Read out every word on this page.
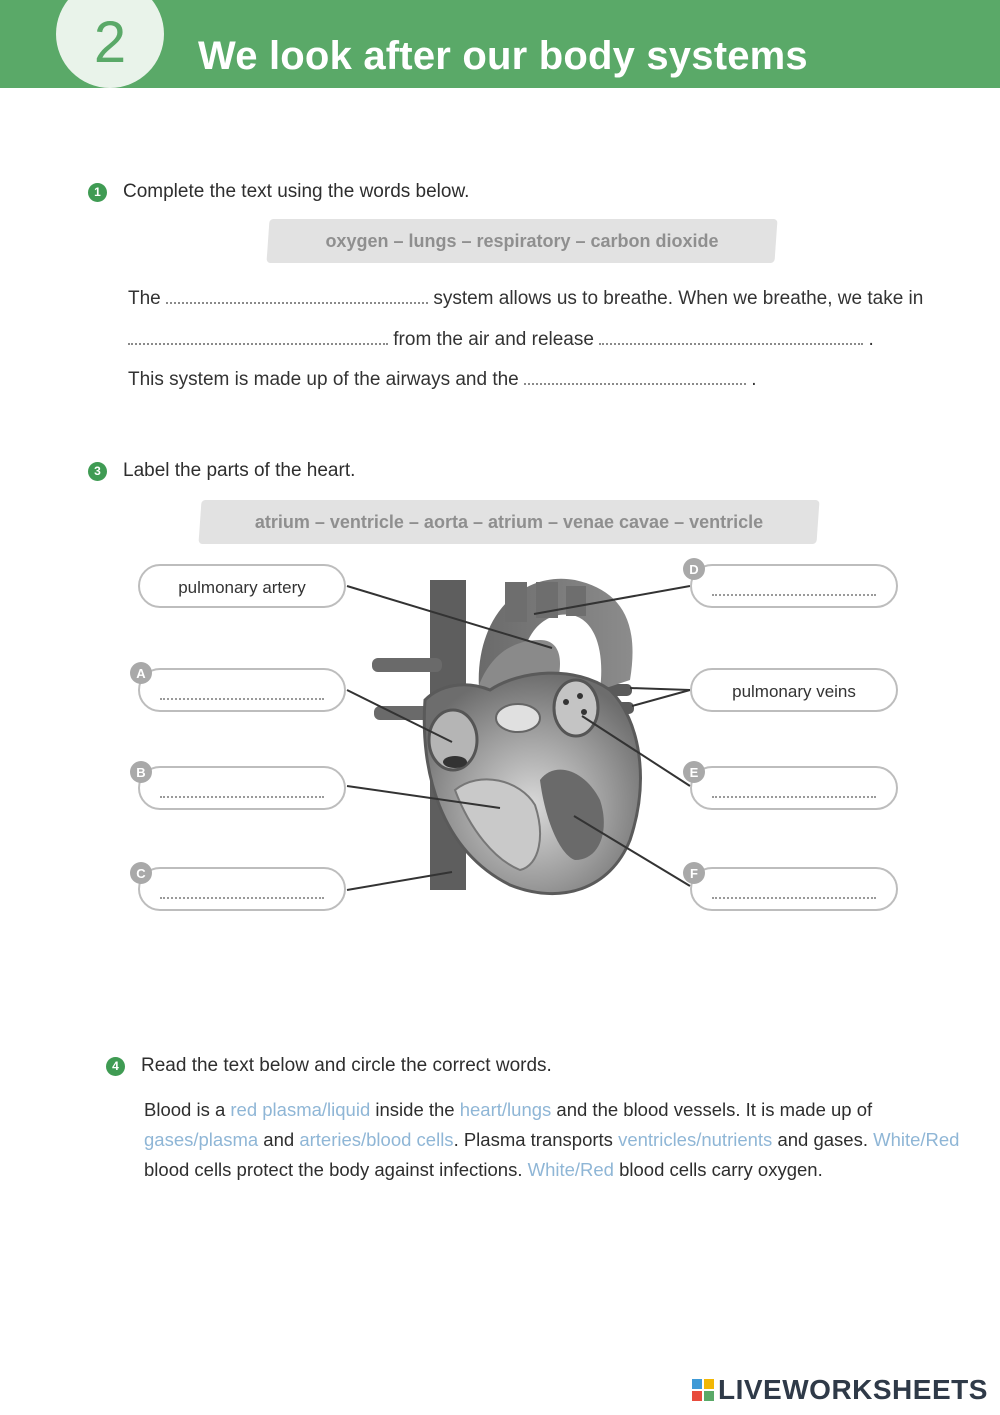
2	We look after our body systems
1	Complete the text using the words below.
oxygen – lungs – respiratory – carbon dioxide
The	system allows us to breathe. When we breathe, we take in
from the air and release	.
This system is made up of the airways and the	.
3	Label the parts of the heart.
atrium – ventricle – aorta – atrium – venae cavae – ventricle
pulmonary artery
A
B
C
D
pulmonary veins
E
F
4	Read the text below and circle the correct words.
Blood is a red plasma/liquid inside the heart/lungs and the blood vessels. It is made up of gases/plasma and arteries/blood cells. Plasma transports ventricles/nutrients and gases. White/Red blood cells protect the body against infections. White/Red blood cells carry oxygen.
LIVEWORKSHEETS
